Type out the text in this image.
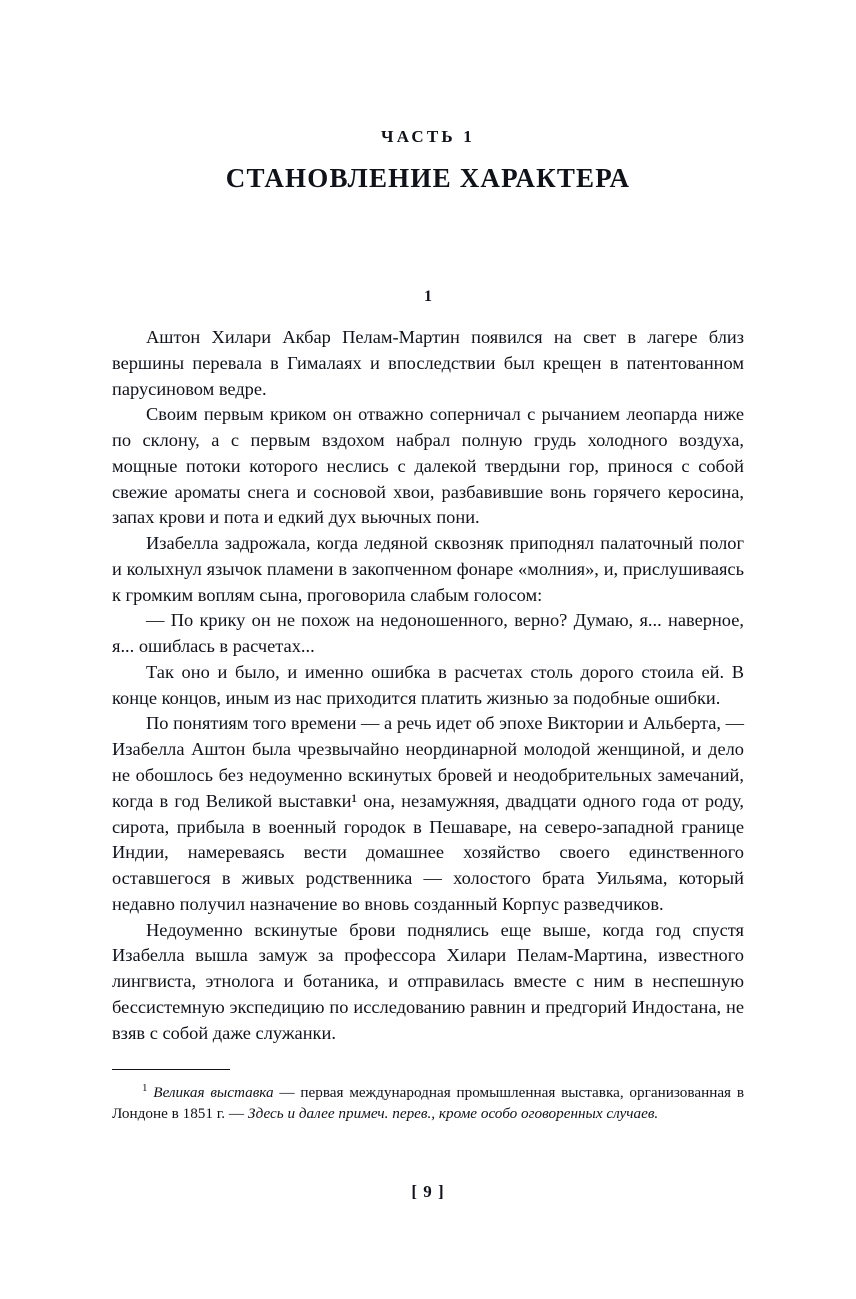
ЧАСТЬ 1
СТАНОВЛЕНИЕ ХАРАКТЕРА
1

Аштон Хилари Акбар Пелам-Мартин появился на свет в лагере близ вершины перевала в Гималаях и впоследствии был крещен в патентованном парусиновом ведре.

Своим первым криком он отважно соперничал с рычанием леопарда ниже по склону, а с первым вздохом набрал полную грудь холодного воздуха, мощные потоки которого неслись с далекой твердыни гор, принося с собой свежие ароматы снега и сосновой хвои, разбавившие вонь горячего керосина, запах крови и пота и едкий дух вьючных пони.

Изабелла задрожала, когда ледяной сквозняк приподнял палаточный полог и колыхнул язычок пламени в закопченном фонаре «молния», и, прислушиваясь к громким воплям сына, проговорила слабым голосом:

— По крику он не похож на недоношенного, верно? Думаю, я... наверное, я... ошиблась в расчетах...

Так оно и было, и именно ошибка в расчетах столь дорого стоила ей. В конце концов, иным из нас приходится платить жизнью за подобные ошибки.

По понятиям того времени — а речь идет об эпохе Виктории и Альберта, — Изабелла Аштон была чрезвычайно неординарной молодой женщиной, и дело не обошлось без недоуменно вскинутых бровей и неодобрительных замечаний, когда в год Великой выставки¹ она, незамужняя, двадцати одного года от роду, сирота, прибыла в военный городок в Пешаваре, на северо-западной границе Индии, намереваясь вести домашнее хозяйство своего единственного оставшегося в живых родственника — холостого брата Уильяма, который недавно получил назначение во вновь созданный Корпус разведчиков.

Недоуменно вскинутые брови поднялись еще выше, когда год спустя Изабелла вышла замуж за профессора Хилари Пелам-Мартина, известного лингвиста, этнолога и ботаника, и отправилась вместе с ним в неспешную бессистемную экспедицию по исследованию равнин и предгорий Индостана, не взяв с собой даже служанки.

$^1$ Великая выставка — первая международная промышленная выставка, организованная в Лондоне в 1851 г. — Здесь и далее примеч. перев., кроме особо оговоренных случаев.
[ 9 ]
